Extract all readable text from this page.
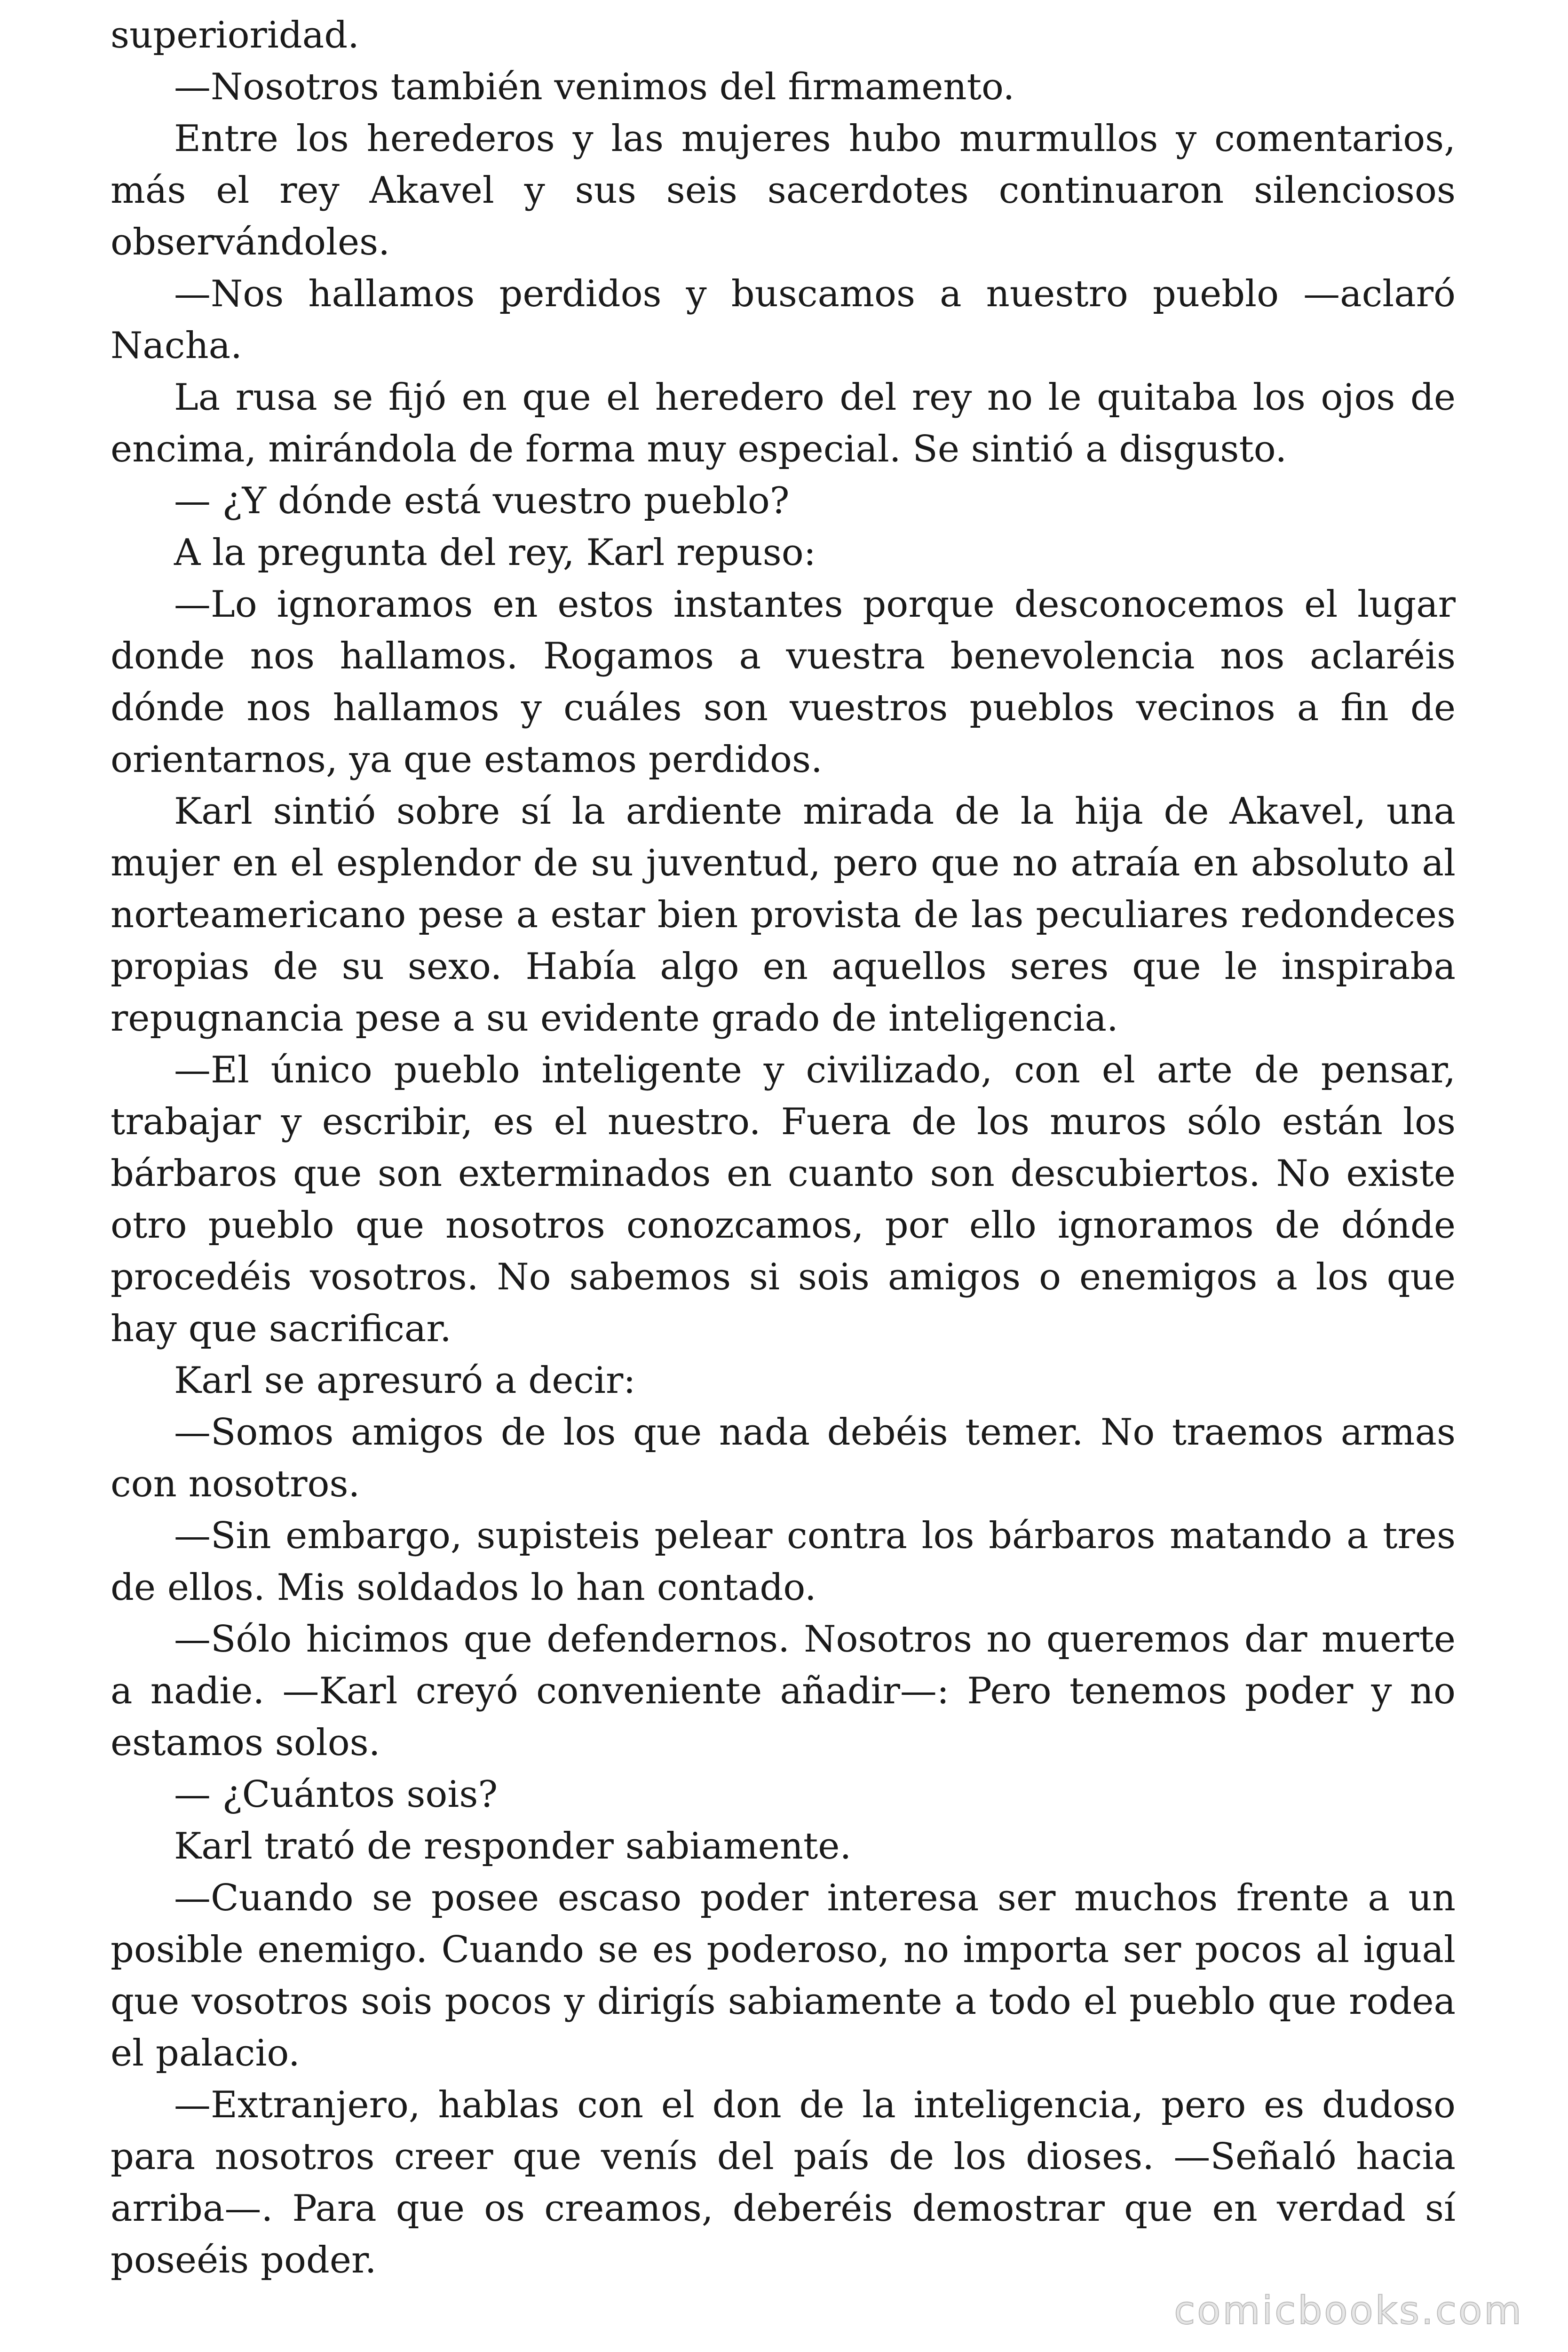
superioridad.

—Nosotros también venimos del firmamento.

Entre los herederos y las mujeres hubo murmullos y comentarios, más el rey Akavel y sus seis sacerdotes continuaron silenciosos observándoles.

—Nos hallamos perdidos y buscamos a nuestro pueblo —aclaró Nacha.

La rusa se fijó en que el heredero del rey no le quitaba los ojos de encima, mirándola de forma muy especial. Se sintió a disgusto.

— ¿Y dónde está vuestro pueblo?

A la pregunta del rey, Karl repuso:

—Lo ignoramos en estos instantes porque desconocemos el lugar donde nos hallamos. Rogamos a vuestra benevolencia nos aclaréis dónde nos hallamos y cuáles son vuestros pueblos vecinos a fin de orientarnos, ya que estamos perdidos.

Karl sintió sobre sí la ardiente mirada de la hija de Akavel, una mujer en el esplendor de su juventud, pero que no atraía en absoluto al norteamericano pese a estar bien provista de las peculiares redondeces propias de su sexo. Había algo en aquellos seres que le inspiraba repugnancia pese a su evidente grado de inteligencia.

—El único pueblo inteligente y civilizado, con el arte de pensar, trabajar y escribir, es el nuestro. Fuera de los muros sólo están los bárbaros que son exterminados en cuanto son descubiertos. No existe otro pueblo que nosotros conozcamos, por ello ignoramos de dónde procedéis vosotros. No sabemos si sois amigos o enemigos a los que hay que sacrificar.

Karl se apresuró a decir:

—Somos amigos de los que nada debéis temer. No traemos armas con nosotros.

—Sin embargo, supisteis pelear contra los bárbaros matando a tres de ellos. Mis soldados lo han contado.

—Sólo hicimos que defendernos. Nosotros no queremos dar muerte a nadie. —Karl creyó conveniente añadir—: Pero tenemos poder y no estamos solos.

— ¿Cuántos sois?

Karl trató de responder sabiamente.

—Cuando se posee escaso poder interesa ser muchos frente a un posible enemigo. Cuando se es poderoso, no importa ser pocos al igual que vosotros sois pocos y dirigís sabiamente a todo el pueblo que rodea el palacio.

—Extranjero, hablas con el don de la inteligencia, pero es dudoso para nosotros creer que venís del país de los dioses. —Señaló hacia arriba—. Para que os creamos, deberéis demostrar que en verdad sí poseéis poder.

comicbooks.com
